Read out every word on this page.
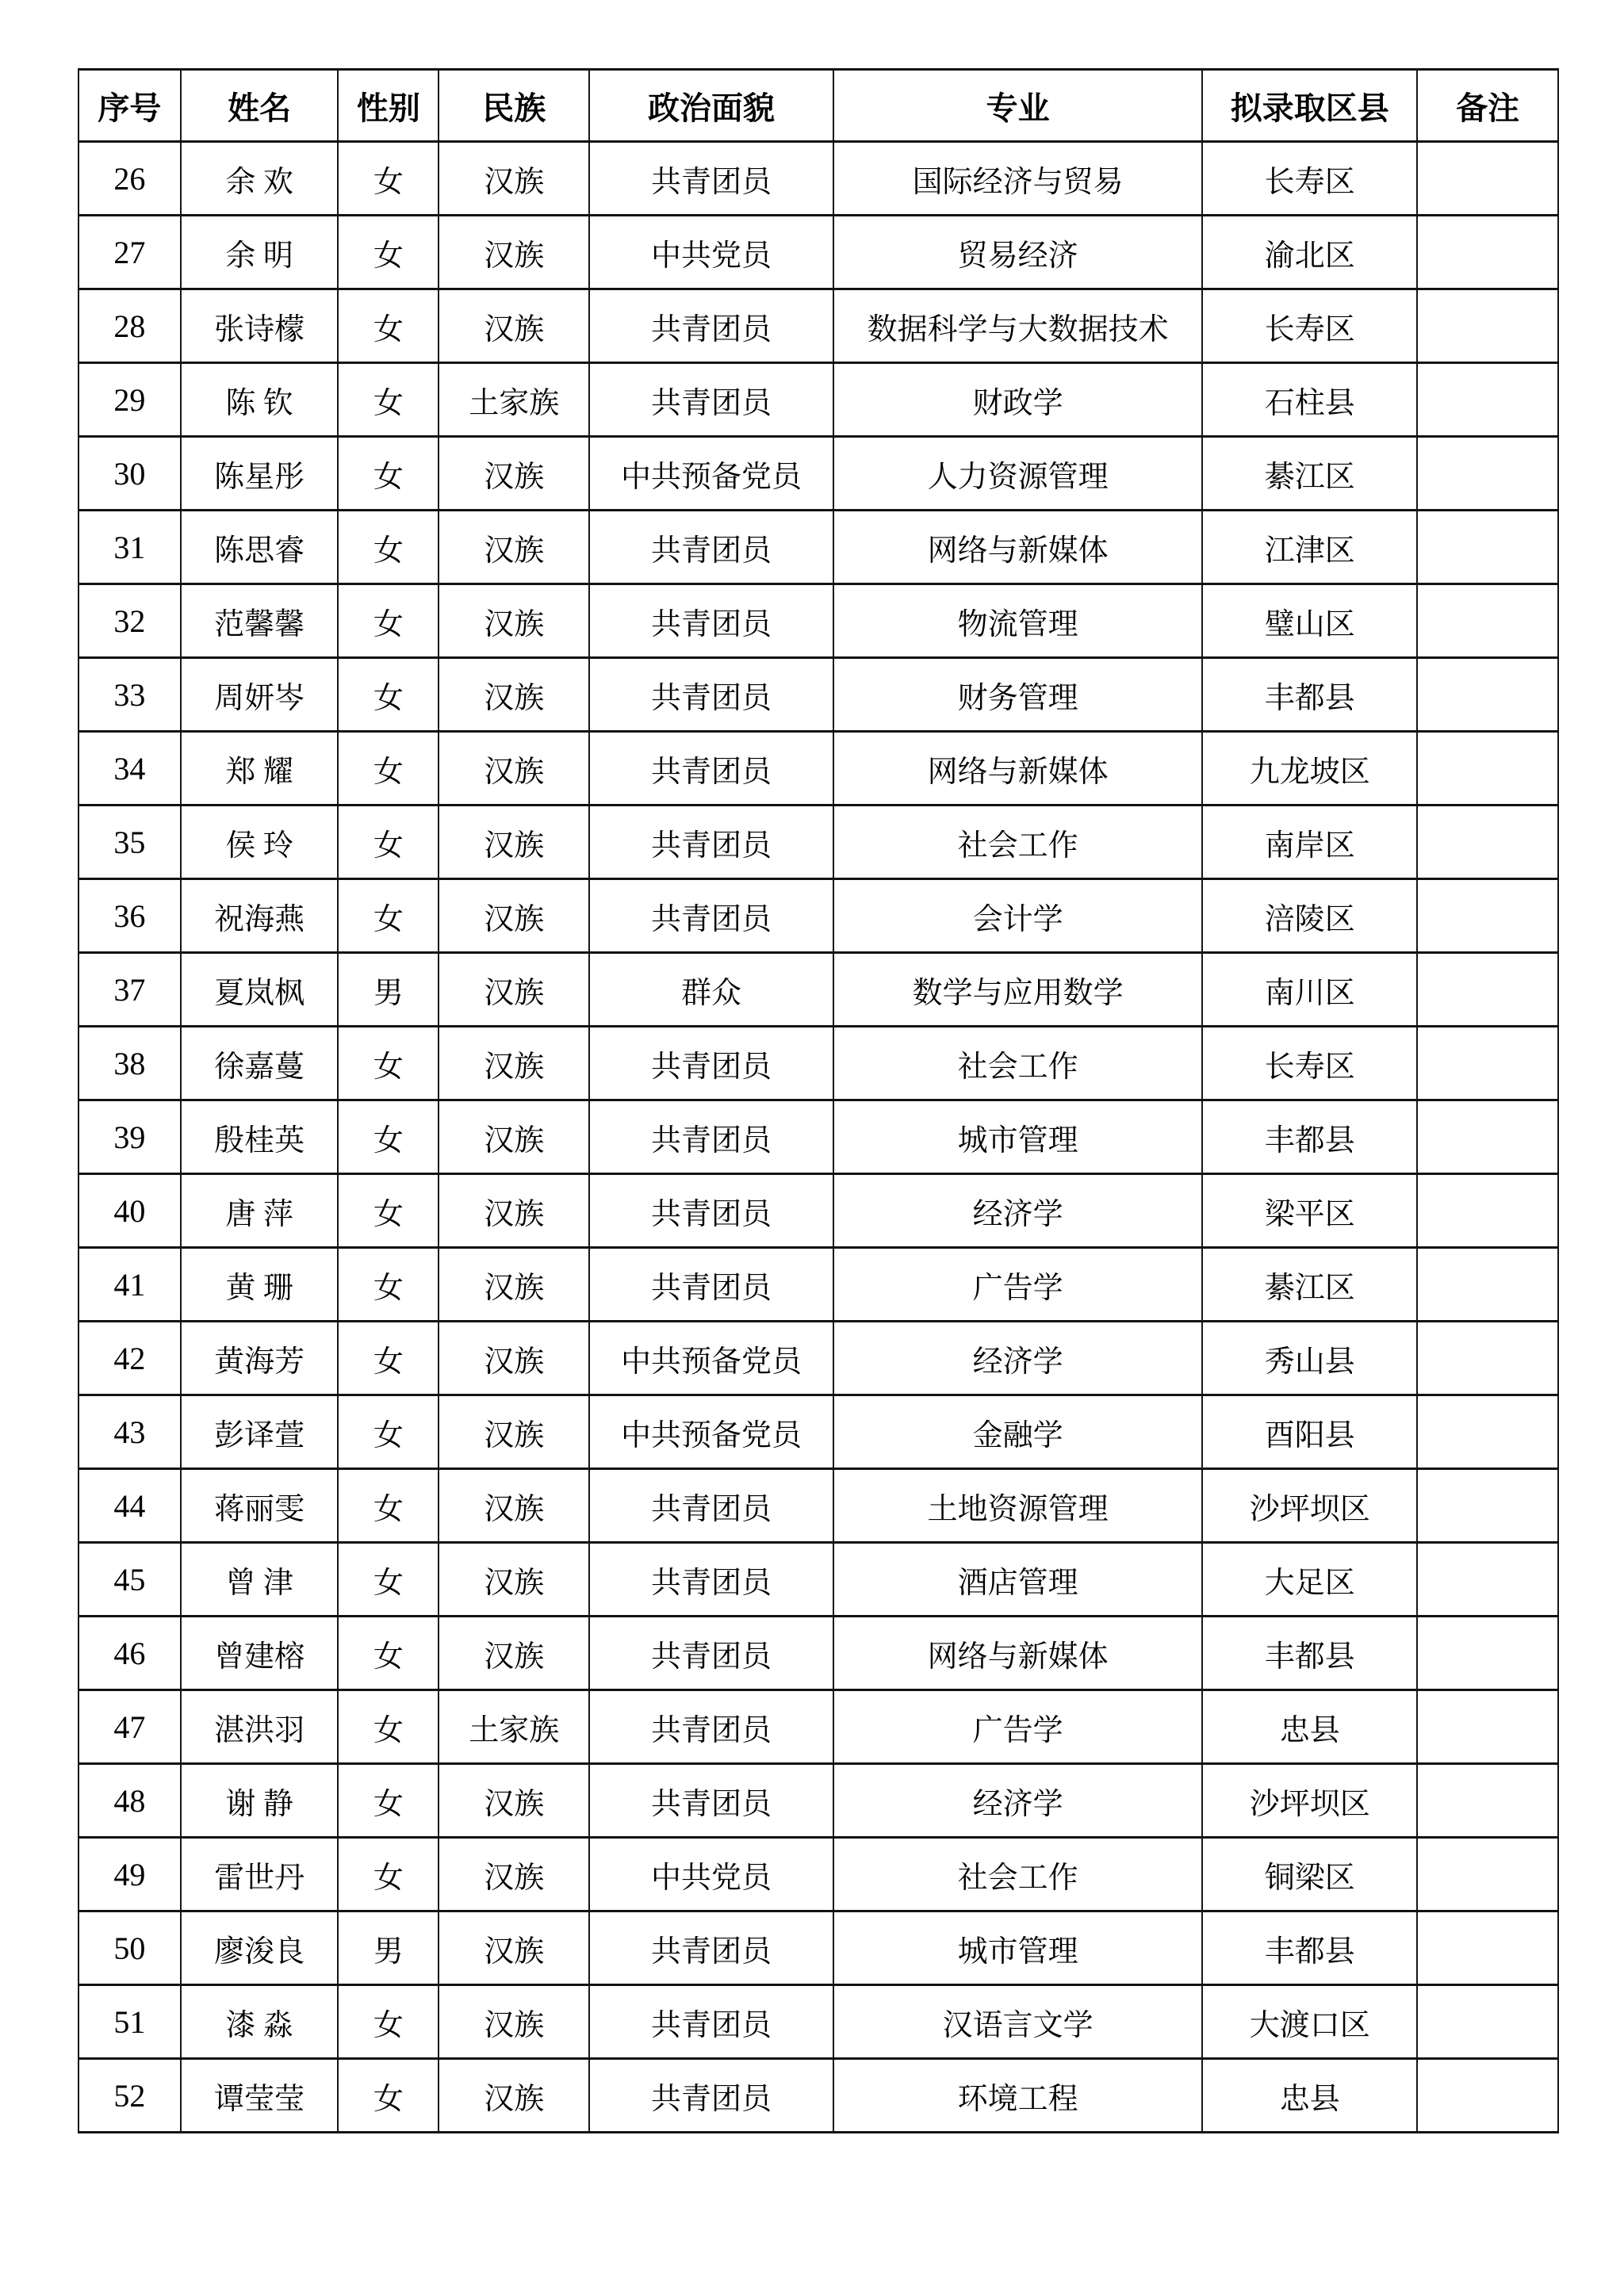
序号	姓名	性别	民族	政治面貌	专业	拟录取区县	备注
26	余 欢	女	汉族	共青团员	国际经济与贸易	长寿区	
27	余 明	女	汉族	中共党员	贸易经济	渝北区	
28	张诗檬	女	汉族	共青团员	数据科学与大数据技术	长寿区	
29	陈 钦	女	土家族	共青团员	财政学	石柱县	
30	陈星彤	女	汉族	中共预备党员	人力资源管理	綦江区	
31	陈思睿	女	汉族	共青团员	网络与新媒体	江津区	
32	范馨馨	女	汉族	共青团员	物流管理	璧山区	
33	周妍岑	女	汉族	共青团员	财务管理	丰都县	
34	郑 耀	女	汉族	共青团员	网络与新媒体	九龙坡区	
35	侯 玲	女	汉族	共青团员	社会工作	南岸区	
36	祝海燕	女	汉族	共青团员	会计学	涪陵区	
37	夏岚枫	男	汉族	群众	数学与应用数学	南川区	
38	徐嘉蔓	女	汉族	共青团员	社会工作	长寿区	
39	殷桂英	女	汉族	共青团员	城市管理	丰都县	
40	唐 萍	女	汉族	共青团员	经济学	梁平区	
41	黄 珊	女	汉族	共青团员	广告学	綦江区	
42	黄海芳	女	汉族	中共预备党员	经济学	秀山县	
43	彭译萱	女	汉族	中共预备党员	金融学	酉阳县	
44	蒋丽雯	女	汉族	共青团员	土地资源管理	沙坪坝区	
45	曾 津	女	汉族	共青团员	酒店管理	大足区	
46	曾建榕	女	汉族	共青团员	网络与新媒体	丰都县	
47	湛洪羽	女	土家族	共青团员	广告学	忠县	
48	谢 静	女	汉族	共青团员	经济学	沙坪坝区	
49	雷世丹	女	汉族	中共党员	社会工作	铜梁区	
50	廖浚良	男	汉族	共青团员	城市管理	丰都县	
51	漆 淼	女	汉族	共青团员	汉语言文学	大渡口区	
52	谭莹莹	女	汉族	共青团员	环境工程	忠县	
